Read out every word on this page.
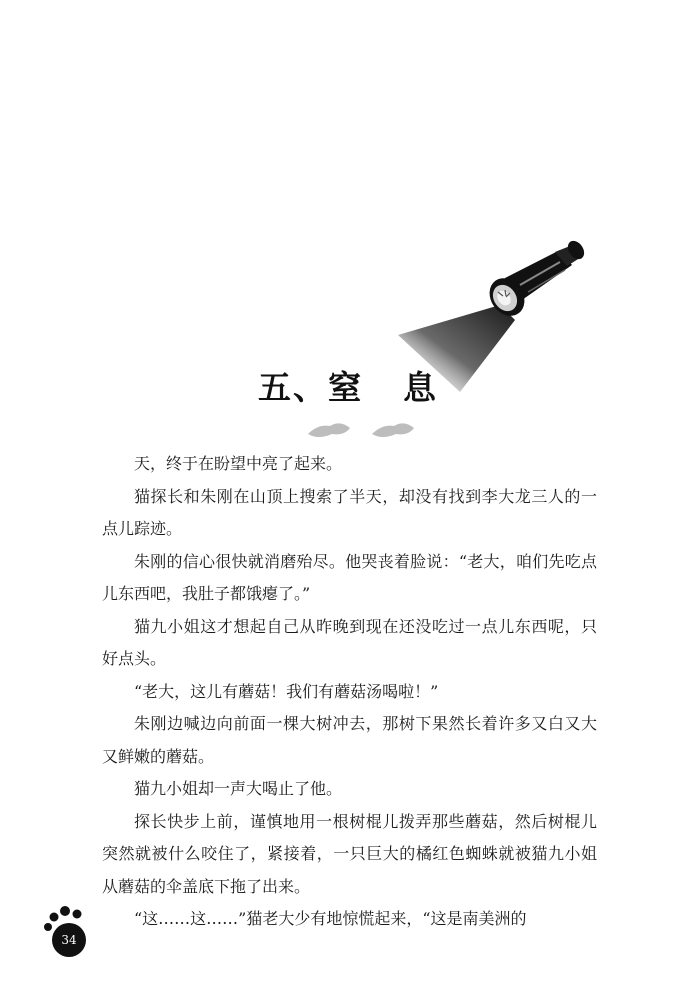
五、窒 息

天，终于在盼望中亮了起来。

猫探长和朱刚在山顶上搜索了半天，却没有找到李大龙三人的一点儿踪迹。

朱刚的信心很快就消磨殆尽。他哭丧着脸说：“老大，咱们先吃点儿东西吧，我肚子都饿瘪了。”

猫九小姐这才想起自己从昨晚到现在还没吃过一点儿东西呢，只好点头。

“老大，这儿有蘑菇！我们有蘑菇汤喝啦！”

朱刚边喊边向前面一棵大树冲去，那树下果然长着许多又白又大又鲜嫩的蘑菇。

猫九小姐却一声大喝止了他。

探长快步上前，谨慎地用一根树棍儿拨弄那些蘑菇，然后树棍儿突然就被什么咬住了，紧接着，一只巨大的橘红色蜘蛛就被猫九小姐从蘑菇的伞盖底下拖了出来。

“这……这……”猫老大少有地惊慌起来，“这是南美洲的

34
